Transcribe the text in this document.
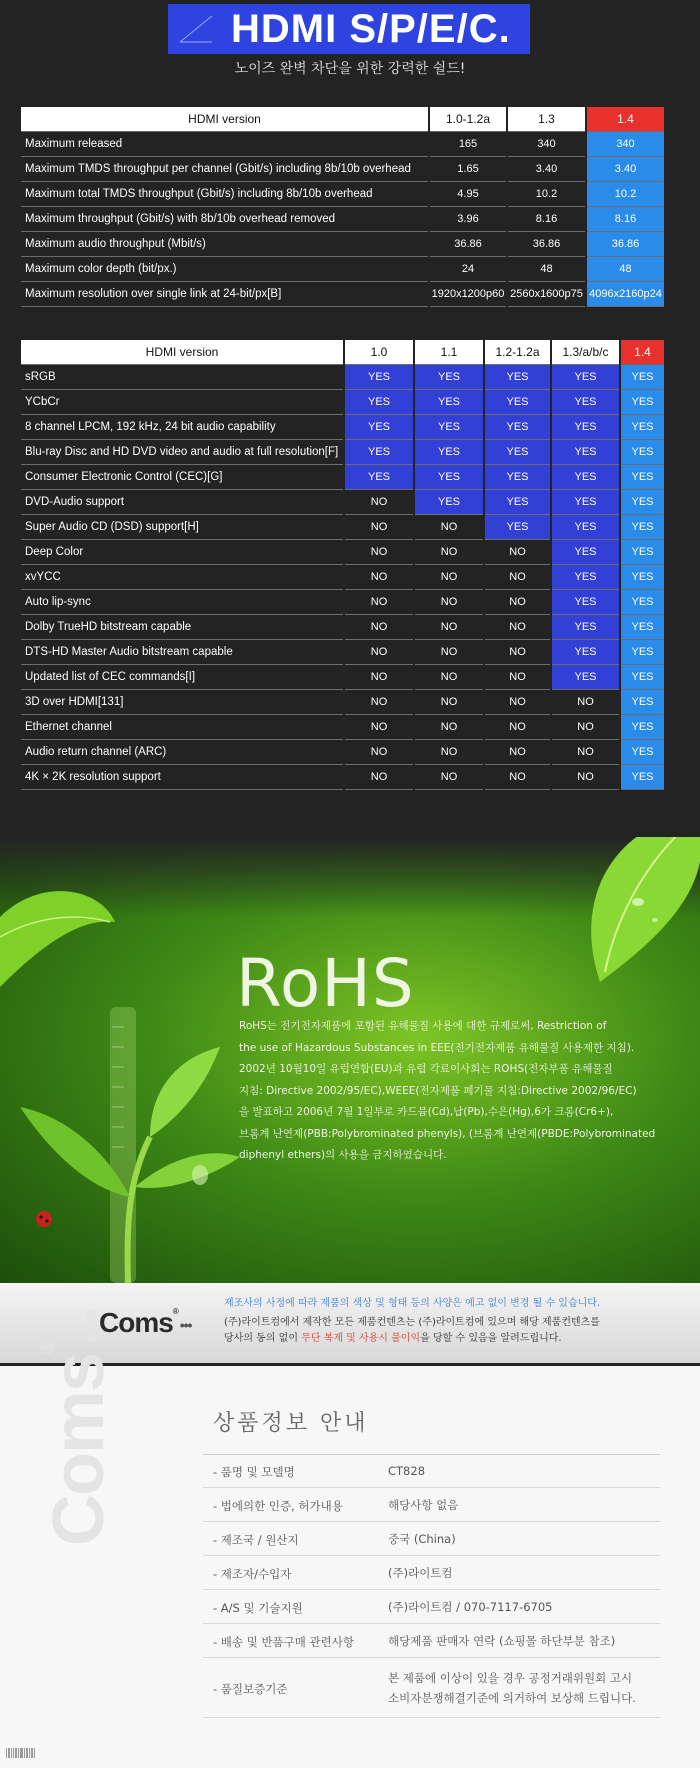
HDMI S/P/E/C.
노이즈 완벽 차단을 위한 강력한 쉴드!
HDMI version	1.0-1.2a	1.3	1.4
Maximum released	165	340	340
Maximum TMDS throughput per channel (Gbit/s) including 8b/10b overhead	1.65	3.40	3.40
Maximum total TMDS throughput (Gbit/s) including 8b/10b overhead	4.95	10.2	10.2
Maximum throughput (Gbit/s) with 8b/10b overhead removed	3.96	8.16	8.16
Maximum audio throughput (Mbit/s)	36.86	36.86	36.86
Maximum color depth (bit/px.)	24	48	48
Maximum resolution over single link at 24-bit/px[B]	1920x1200p60	2560x1600p75	4096x2160p24
HDMI version	1.0	1.1	1.2-1.2a	1.3/a/b/c	1.4
sRGB	YES	YES	YES	YES	YES
YCbCr	YES	YES	YES	YES	YES
8 channel LPCM, 192 kHz, 24 bit audio capability	YES	YES	YES	YES	YES
Blu-ray Disc and HD DVD video and audio at full resolution[F]	YES	YES	YES	YES	YES
Consumer Electronic Control (CEC)[G]	YES	YES	YES	YES	YES
DVD-Audio support	NO	YES	YES	YES	YES
Super Audio CD (DSD) support[H]	NO	NO	YES	YES	YES
Deep Color	NO	NO	NO	YES	YES
xvYCC	NO	NO	NO	YES	YES
Auto lip-sync	NO	NO	NO	YES	YES
Dolby TrueHD bitstream capable	NO	NO	NO	YES	YES
DTS-HD Master Audio bitstream capable	NO	NO	NO	YES	YES
Updated list of CEC commands[I]	NO	NO	NO	YES	YES
3D over HDMI[131]	NO	NO	NO	NO	YES
Ethernet channel	NO	NO	NO	NO	YES
Audio return channel (ARC)	NO	NO	NO	NO	YES
4K × 2K resolution support	NO	NO	NO	NO	YES
RoHS
RoHS는 전기전자제품에 포함된 유해물질 사용에 대한 규제로써, Restriction of
the use of Hazardous Substances in EEE(전기전자제품 유해물질 사용제한 지침).
2002년 10월10일 유럽연합(EU)과 유럽 각료이사회는 ROHS(전자부품 유해물질
지침: Directive 2002/95/EC),WEEE(전자제품 폐기물 지침:Directive 2002/96/EC)
을 발표하고 2006년 7월 1일부로 카드뮴(Cd),납(Pb),수은(Hg),6가 크롬(Cr6+),
브롬계 난연제(PBB:Polybrominated phenyls), (브롬계 난연제(PBDE:Polybrominated
diphenyl ethers)의 사용을 금지하였습니다.
Coms®•••
제조사의 사정에 따라 제품의 색상 및 형태 등의 사양은 예고 없이 변경 될 수 있습니다.
(주)라이트컴에서 제작한 모든 제품컨텐츠는 (주)라이트컴에 있으며 해당 제품컨텐츠를
당사의 동의 없이 무단 복제 및 사용시 불이익을 당할 수 있음을 알려드립니다.
Coms®•••
상품정보 안내
- 품명 및 모델명	CT828
- 법에의한 인증, 허가내용	해당사항 없음
- 제조국 / 원산지	중국 (China)
- 제조자/수입자	(주)라이트컴
- A/S 및 기술지원	(주)라이트컴 / 070-7117-6705
- 배송 및 반품구매 관련사항	해당제품 판매자 연락 (쇼핑몰 하단부분 참조)
- 품질보증기준
본 제품에 이상이 있을 경우 공정거래위원회 고시
소비자분쟁해결기준에 의거하여 보상해 드립니다.
